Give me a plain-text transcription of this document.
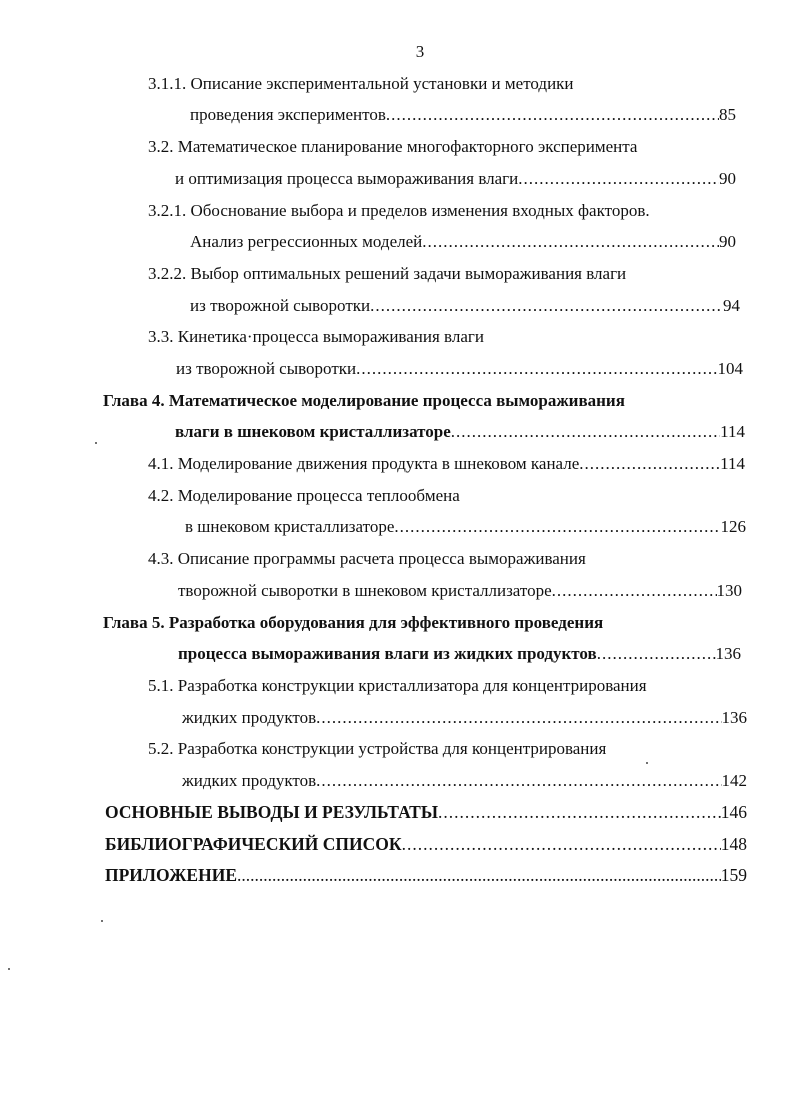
3
3.1.1. Описание экспериментальной установки и методики
проведения экспериментов .....	85
3.2. Математическое планирование многофакторного эксперимента
и оптимизация процесса вымораживания влаги .....	90
3.2.1. Обоснование выбора и пределов изменения входных факторов.
Анализ регрессионных моделей .....	90
3.2.2. Выбор оптимальных решений задачи вымораживания влаги
из творожной сыворотки .....	94
3.3. Кинетика·процесса вымораживания влаги
из творожной сыворотки .....	104
Глава 4. Математическое моделирование процесса вымораживания
влаги в шнековом кристаллизаторе .....	114
4.1. Моделирование движения продукта в шнековом канале .....	114
4.2. Моделирование процесса теплообмена
в шнековом кристаллизаторе .....	126
4.3. Описание программы расчета процесса вымораживания
творожной сыворотки в шнековом кристаллизаторе .....	130
Глава 5. Разработка оборудования для эффективного проведения
процесса вымораживания влаги из жидких продуктов .....	136
5.1. Разработка конструкции кристаллизатора для концентрирования
жидких продуктов .....	136
5.2. Разработка конструкции устройства для концентрирования
жидких продуктов .....	142
ОСНОВНЫЕ ВЫВОДЫ И РЕЗУЛЬТАТЫ .....	146
БИБЛИОГРАФИЧЕСКИЙ СПИСОК .....	148
ПРИЛОЖЕНИЕ .....	159
